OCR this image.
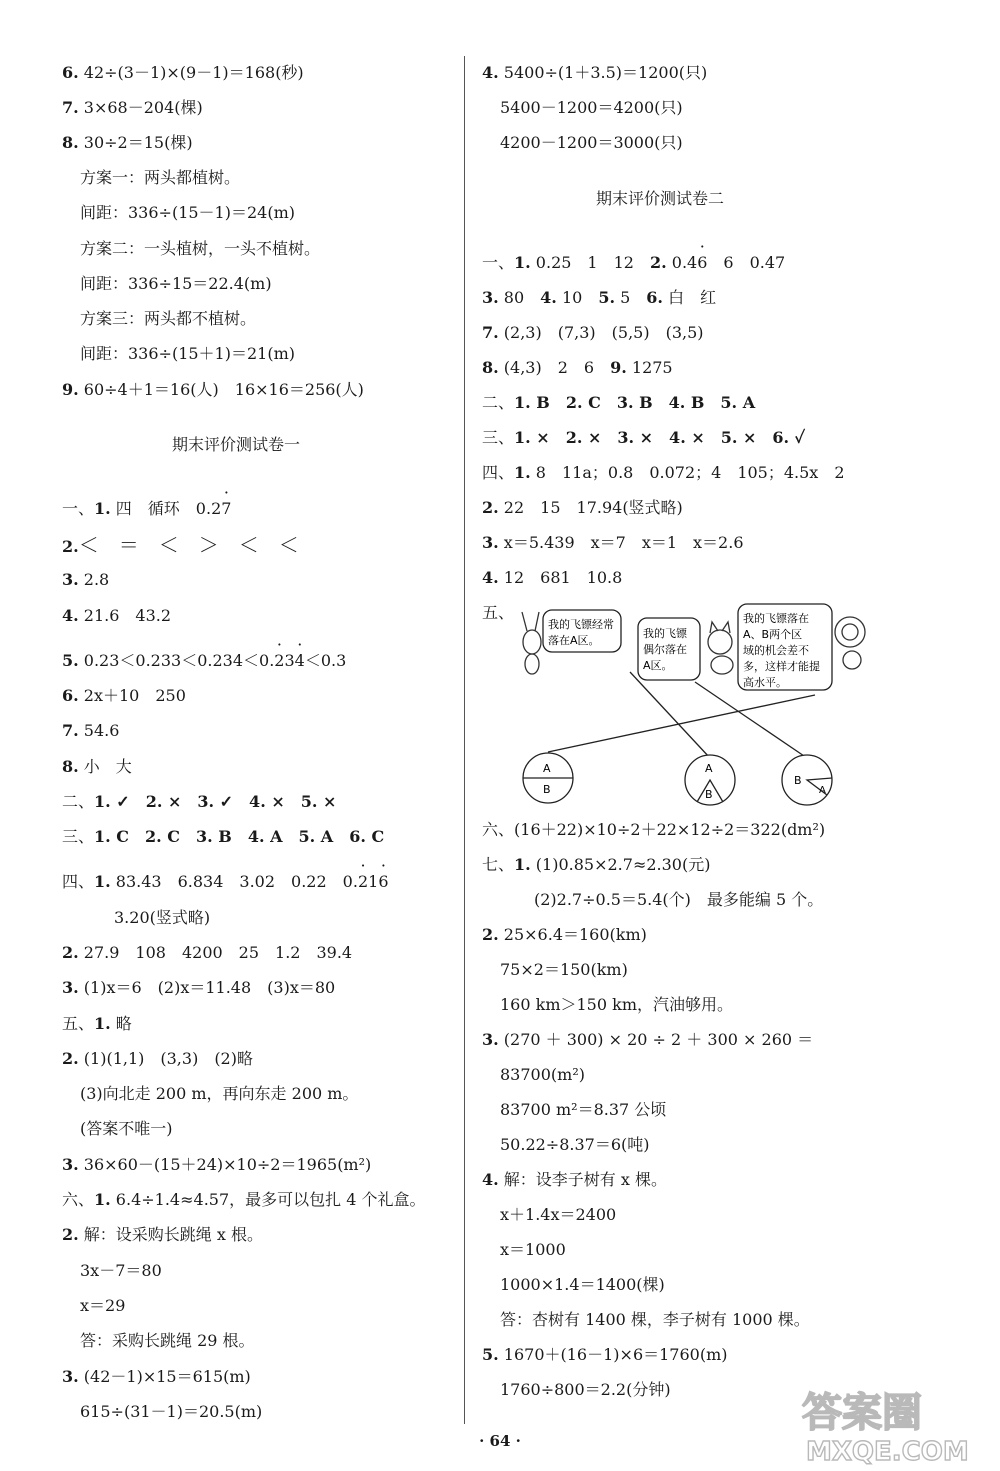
6. 42÷(3－1)×(9－1)＝168(秒)
7. 3×68－204(棵)
8. 30÷2＝15(棵)
方案一：两头都植树。
间距：336÷(15－1)＝24(m)
方案二：一头植树，一头不植树。
间距：336÷15＝22.4(m)
方案三：两头都不植树。
间距：336÷(15＋1)＝21(m)
9. 60÷4＋1＝16(人)　16×16＝256(人)
期末评价测试卷一
一、1. 四　循环　0.2· 7
2.＜　＝　＜　＞　＜　＜
3. 2.8
4. 21.6　43.2
5. 0.23＜0.233＜0.234＜0.· 23· 4＜0.3
6. 2x＋10　250
7. 54.6
8. 小　大
二、1. ✓　2. ×　3. ✓　4. ×　5. ×
三、1. C　2. C　3. B　4. A　5. A　6. C
四、1. 83.43　6.834　3.02　0.22　0.· 21· 6
3.20(竖式略)
2. 27.9　108　4200　25　1.2　39.4
3. (1)x＝6　(2)x＝11.48　(3)x＝80
五、1. 略
2. (1)(1,1)　(3,3)　(2)略
(3)向北走 200 m，再向东走 200 m。
(答案不唯一)
3. 36×60－(15＋24)×10÷2＝1965(m²)
六、1. 6.4÷1.4≈4.57，最多可以包扎 4 个礼盒。
2. 解：设采购长跳绳 x 根。
3x－7＝80
x＝29
答：采购长跳绳 29 根。
3. (42－1)×15＝615(m)
615÷(31－1)＝20.5(m)
4. 5400÷(1＋3.5)＝1200(只)
5400－1200＝4200(只)
4200－1200＝3000(只)
期末评价测试卷二
一、1. 0.25　1　12　2. 0.4· 6　6　0.47
3. 80　4. 10　5. 5　6. 白　红
7. (2,3)　(7,3)　(5,5)　(3,5)
8. (4,3)　2　6　9. 1275
二、1. B　2. C　3. B　4. B　5. A
三、1. ×　2. ×　3. ×　4. ×　5. ×　6. ✓
四、1. 8　11a；0.8　0.072；4　105；4.5x　2
2. 22　15　17.94(竖式略)
3. x＝5.439　x＝7　x＝1　x＝2.6
4. 12　681　10.8
五、
我的飞镖经常
落在A区。
我的飞镖
偶尔落在
A区。
我的飞镖落在
A、B两个区
域的机会差不
多，这样才能提
高水平。
A
B
A
B
B
A
六、(16＋22)×10÷2＋22×12÷2＝322(dm²)
七、1. (1)0.85×2.7≈2.30(元)
(2)2.7÷0.5＝5.4(个)　最多能编 5 个。
2. 25×6.4＝160(km)
75×2＝150(km)
160 km＞150 km，汽油够用。
3. (270 ＋ 300) × 20 ÷ 2 ＋ 300 × 260 ＝
83700(m²)
83700 m²＝8.37 公顷
50.22÷8.37＝6(吨)
4. 解：设李子树有 x 棵。
x＋1.4x＝2400
x＝1000
1000×1.4＝1400(棵)
答：杏树有 1400 棵，李子树有 1000 棵。
5. 1670＋(16－1)×6＝1760(m)
1760÷800＝2.2(分钟)
· 64 ·
答案圈
MXQE.COM
